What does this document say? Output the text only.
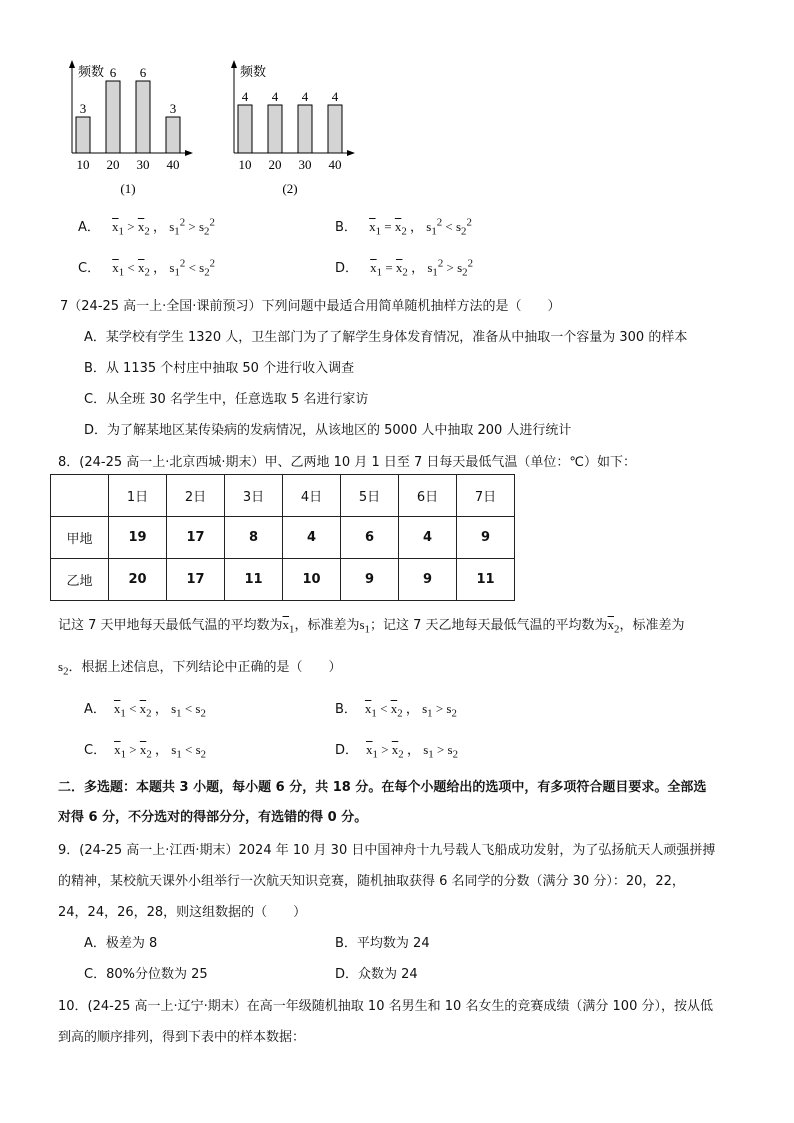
频数
3
10
6
20
6
30
3
40
(1)
频数
4
10
4
20
4
30
4
40
(2)
A． $\overline{x}_1 > \overline{x}_2$ ， $s_1^2 > s_2^2$	B． $\overline{x}_1 = \overline{x}_2$ ， $s_1^2 < s_2^2$
C． $\overline{x}_1 < \overline{x}_2$ ， $s_1^2 < s_2^2$	D． $\overline{x}_1 = \overline{x}_2$ ， $s_1^2 > s_2^2$
7（24-25 高一上·全国·课前预习）下列问题中最适合用简单随机抽样方法的是（　　）
A．某学校有学生 1320 人，卫生部门为了了解学生身体发育情况，准备从中抽取一个容量为 300 的样本
B．从 1135 个村庄中抽取 50 个进行收入调查
C．从全班 30 名学生中，任意选取 5 名进行家访
D．为了解某地区某传染病的发病情况，从该地区的 5000 人中抽取 200 人进行统计
8．(24-25 高一上·北京西城·期末）甲、乙两地 10 月 1 日至 7 日每天最低气温（单位：℃）如下：
	1日	2日	3日	4日	5日	6日	7日
甲地	19	17	8	4	6	4	9
乙地	20	17	11	10	9	9	11
记这 7 天甲地每天最低气温的平均数为$\overline{x}_1$，标准差为$s_1$；记这 7 天乙地每天最低气温的平均数为$\overline{x}_2$，标准差为
$s_2$．根据上述信息，下列结论中正确的是（　　）
A． $\overline{x}_1 < \overline{x}_2$ ， $s_1 < s_2$	B． $\overline{x}_1 < \overline{x}_2$ ， $s_1 > s_2$
C． $\overline{x}_1 > \overline{x}_2$ ， $s_1 < s_2$	D． $\overline{x}_1 > \overline{x}_2$ ， $s_1 > s_2$
二．多选题：本题共 3 小题，每小题 6 分，共 18 分。在每个小题给出的选项中，有多项符合题目要求。全部选
对得 6 分，不分选对的得部分分，有选错的得 0 分。
9．(24-25 高一上·江西·期末）2024 年 10 月 30 日中国神舟十九号载人飞船成功发射，为了弘扬航天人顽强拼搏
的精神，某校航天课外小组举行一次航天知识竞赛，随机抽取获得 6 名同学的分数（满分 30 分）：20，22，
24，24，26，28，则这组数据的（　　）
A．极差为 8	B．平均数为 24
C．80%分位数为 25	D．众数为 24
10．(24-25 高一上·辽宁·期末）在高一年级随机抽取 10 名男生和 10 名女生的竞赛成绩（满分 100 分），按从低
到高的顺序排列，得到下表中的样本数据：
